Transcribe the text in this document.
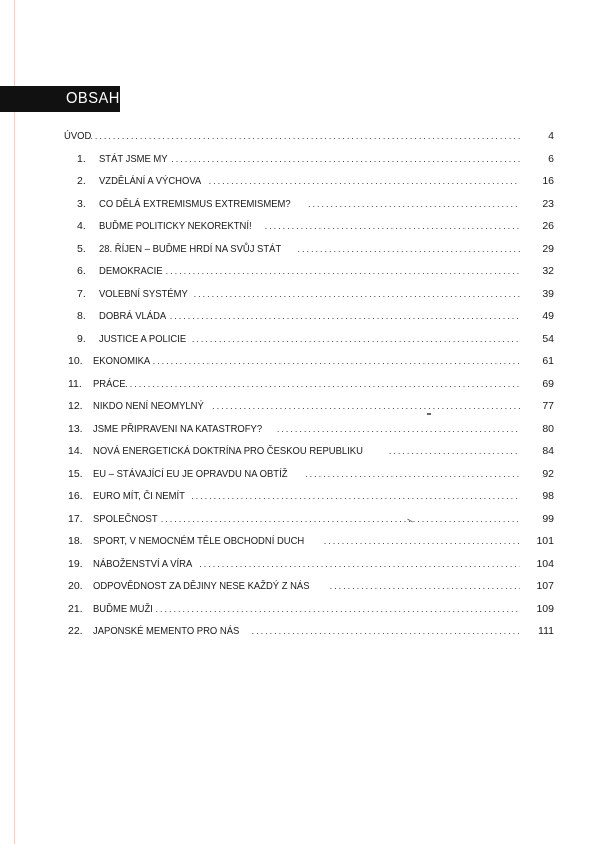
OBSAH
ÚVOD .....	4
1.	STÁT JSME MY .....	6
2.	VZDĚLÁNÍ A VÝCHOVA .....	16
3.	CO DĚLÁ EXTREMISMUS EXTREMISMEM? .....	23
4.	BUĎME POLITICKY NEKOREKTNÍ! .....	26
5.	28. ŘÍJEN – BUĎME HRDÍ NA SVŮJ STÁT .....	29
6.	DEMOKRACIE .....	32
7.	VOLEBNÍ SYSTÉMY .....	39
8.	DOBRÁ VLÁDA .....	49
9.	JUSTICE A POLICIE .....	54
10. EKONOMIKA .....	61
11.	PRÁCE .....	69
12. NIKDO NENÍ NEOMYLNÝ .....	77
13. JSME PŘIPRAVENI NA KATASTROFY? .....	80
14. NOVÁ ENERGETICKÁ DOKTRÍNA PRO ČESKOU REPUBLIKU .....	84
15. EU – STÁVAJÍCÍ EU JE OPRAVDU NA OBTÍŽ .....	92
16. EURO MÍT, ČI NEMÍT .....	98
17. SPOLEČNOST .....	99
18. SPORT, V NEMOCNÉM TĚLE OBCHODNÍ DUCH .....	101
19. NÁBOŽENSTVÍ A VÍRA .....	104
20. ODPOVĚDNOST ZA DĚJINY NESE KAŽDÝ Z NÁS .....	107
21. BUĎME MUŽI .....	109
22. JAPONSKÉ MEMENTO PRO NÁS .....	111
